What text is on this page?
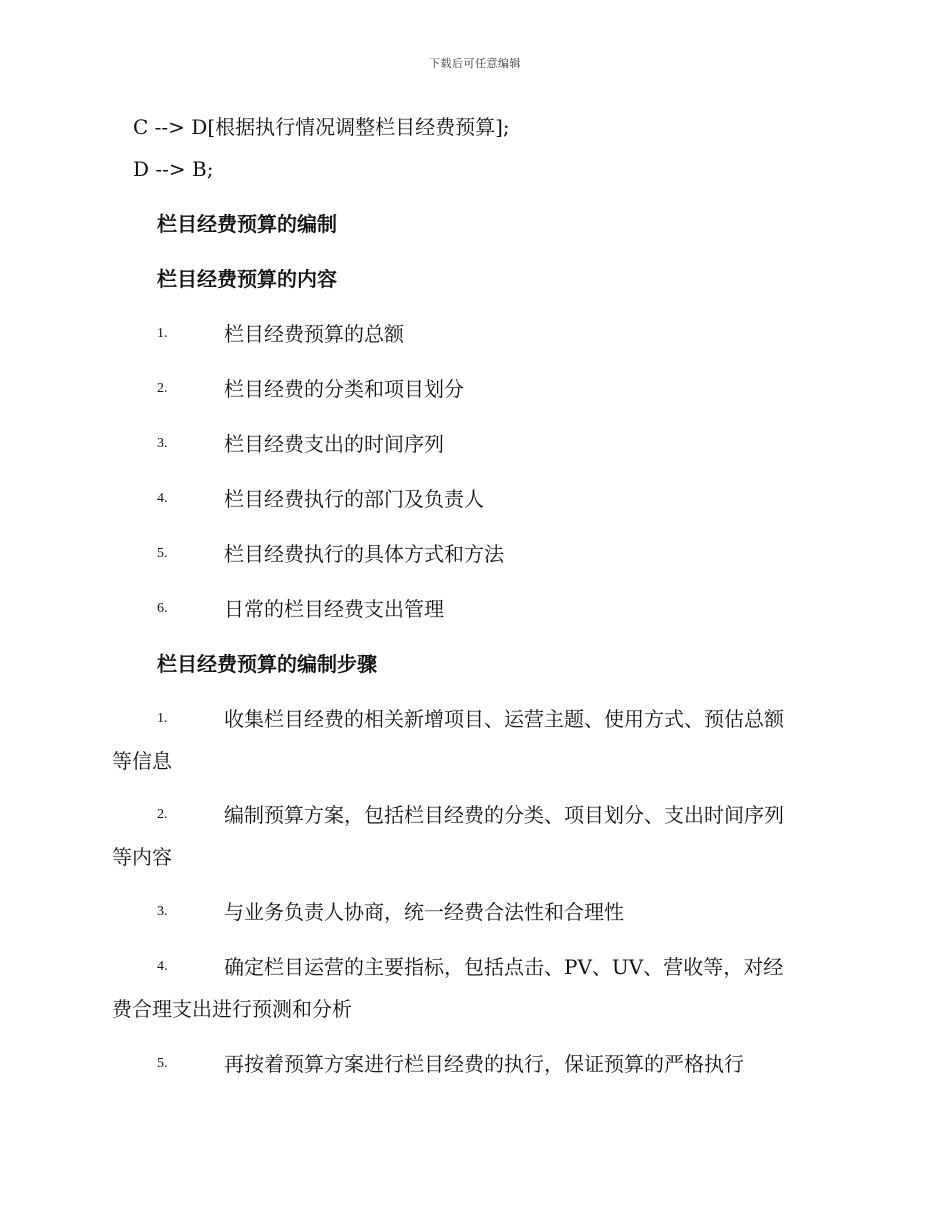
下载后可任意编辑
C --> D[根据执行情况调整栏目经费预算];
D --> B;
栏目经费预算的编制
栏目经费预算的内容
1.	栏目经费预算的总额
2.	栏目经费的分类和项目划分
3.	栏目经费支出的时间序列
4.	栏目经费执行的部门及负责人
5.	栏目经费执行的具体方式和方法
6.	日常的栏目经费支出管理
栏目经费预算的编制步骤
1.	收集栏目经费的相关新增项目、运营主题、使用方式、预估总额
等信息
2.	编制预算方案，包括栏目经费的分类、项目划分、支出时间序列
等内容
3.	与业务负责人协商，统一经费合法性和合理性
4.	确定栏目运营的主要指标，包括点击、PV、UV、营收等，对经
费合理支出进行预测和分析
5.	再按着预算方案进行栏目经费的执行，保证预算的严格执行
